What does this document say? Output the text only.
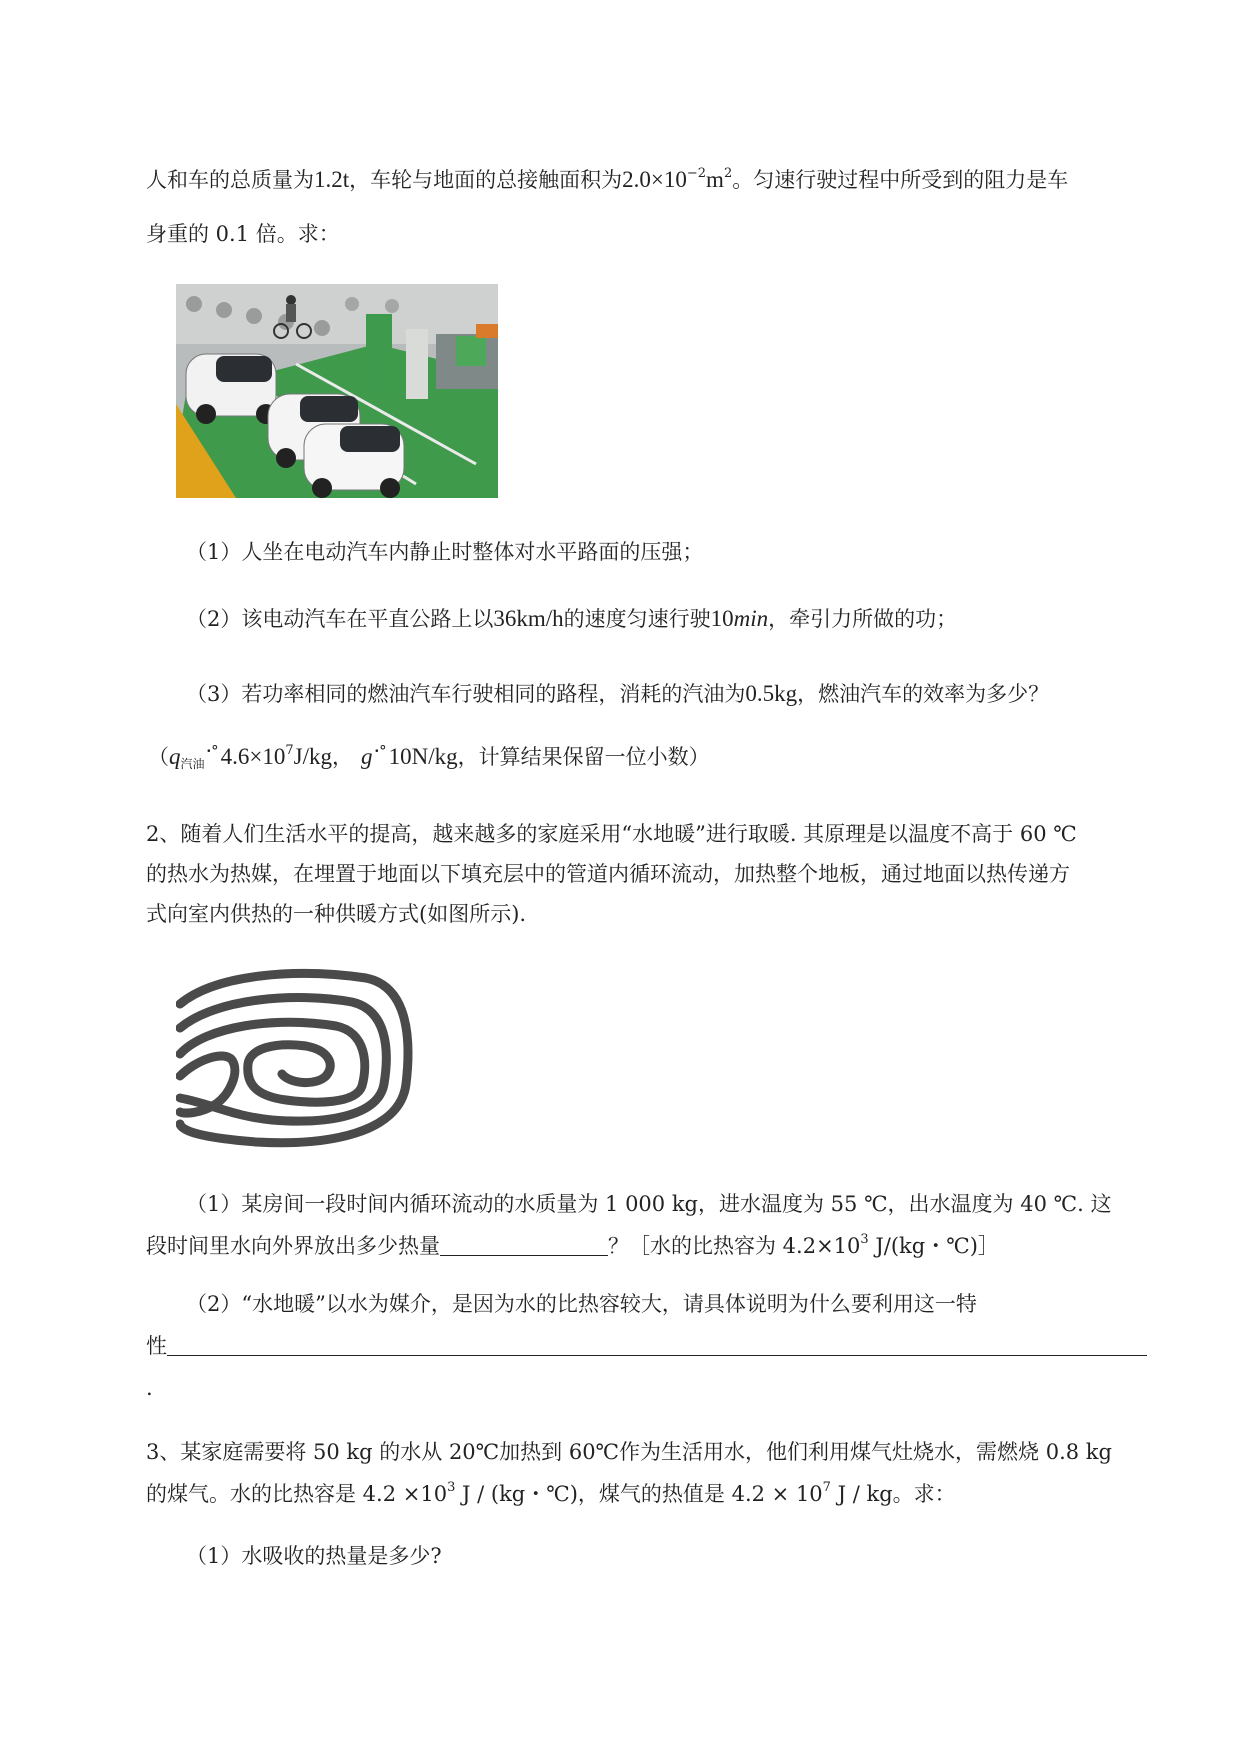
人和车的总质量为1.2t，车轮与地面的总接触面积为$2.0\times 10^{-2}m^2$。匀速行驶过程中所受到的阻力是车
身重的 0.1 倍。求：
（1）人坐在电动汽车内静止时整体对水平路面的压强；
（2）该电动汽车在平直公路上以36km/h的速度匀速行驶10min，牵引力所做的功；
（3）若功率相同的燃油汽车行驶相同的路程，消耗的汽油为0.5kg，燃油汽车的效率为多少？
（$q_{汽油}^{ꞏ^\circ}4.6\times 10^7J/kg$， g $^{ꞏ^\circ}$10N/kg，计算结果保留一位小数）
2、随着人们生活水平的提高，越来越多的家庭采用“水地暖”进行取暖. 其原理是以温度不高于 60 ℃
的热水为热媒，在埋置于地面以下填充层中的管道内循环流动，加热整个地板，通过地面以热传递方
式向室内供热的一种供暖方式(如图所示).
（1）某房间一段时间内循环流动的水质量为 1 000 kg，进水温度为 55 ℃，出水温度为 40 ℃. 这
段时间里水向外界放出多少热量	？［水的比热容为 $4.2\times 10^3$ J/(kg・℃)］
（2）“水地暖”以水为媒介，是因为水的比热容较大，请具体说明为什么要利用这一特
性
.
3、某家庭需要将 50 kg 的水从 20℃加热到 60℃作为生活用水，他们利用煤气灶烧水，需燃烧 0.8 kg
的煤气。水的比热容是 $4.2 \times 10^3$ J / (kg・℃)，煤气的热值是 $4.2 \times 10^7$ J / kg。求：
（1）水吸收的热量是多少?
